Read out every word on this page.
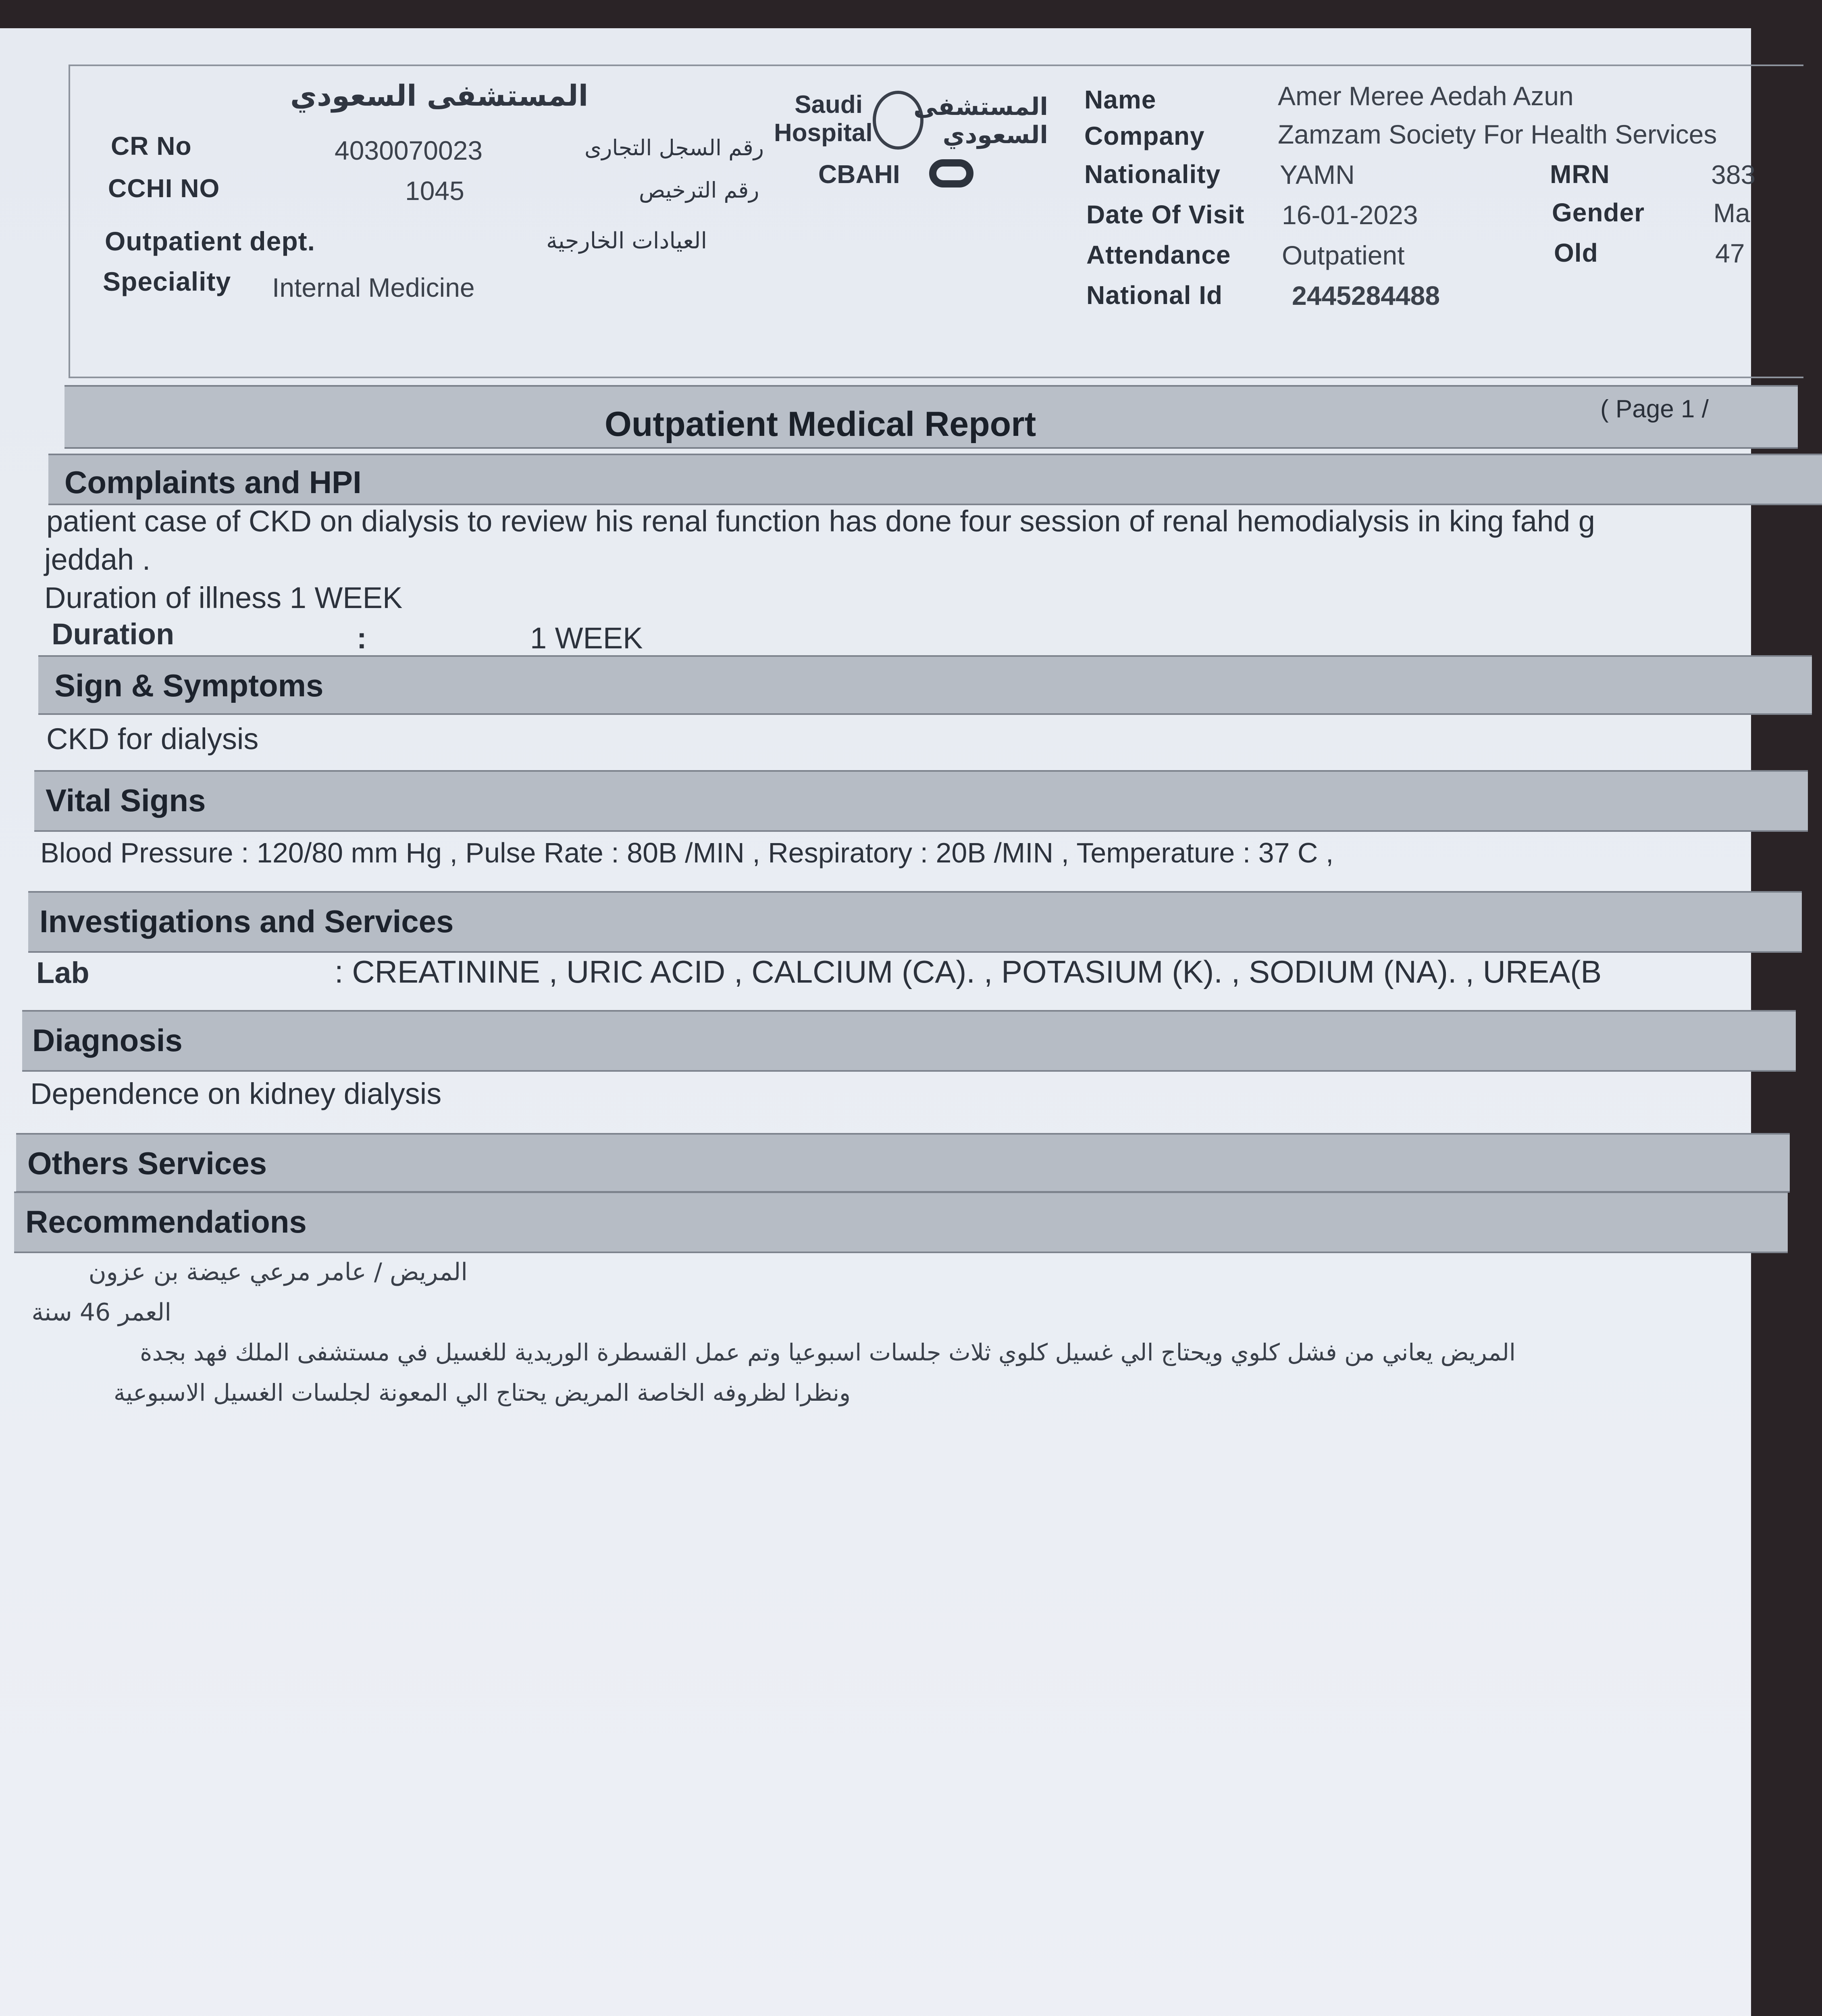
المستشفى السعودي
CR No	4030070023	رقم السجل التجارى
CCHI NO	1045	رقم الترخيص
Outpatient dept.	العيادات الخارجية
Speciality Internal Medicine
Saudi Hospital
المستشفى السعودي
CBAHI
Name	Amer Meree Aedah Azun
Company	Zamzam Society For Health Services
Nationality YAMN	MRN	383
Date Of Visit 16-01-2023	Gender	Ma
Attendance Outpatient	Old	47
National Id	2445284488
Outpatient Medical Report	( Page 1 /
Complaints and HPI
patient case of CKD on dialysis to review his renal function has done four session of renal hemodialysis in king fahd g
jeddah .
Duration of illness 1 WEEK
Duration	:	1 WEEK
Sign & Symptoms
CKD for dialysis
Vital Signs
Blood Pressure : 120/80 mm Hg , Pulse Rate : 80B /MIN , Respiratory : 20B /MIN , Temperature : 37 C ,
Investigations and Services
Lab	: CREATININE , URIC ACID , CALCIUM (CA). , POTASIUM (K). , SODIUM (NA). , UREA(B
Diagnosis
Dependence on kidney dialysis
Others Services
Recommendations
المريض / عامر مرعي عيضة بن عزون
العمر 46 سنة
المريض يعاني من فشل كلوي ويحتاج الي غسيل كلوي ثلاث جلسات اسبوعيا وتم عمل القسطرة الوريدية للغسيل في مستشفى الملك فهد بجدة
ونظرا لظروفه الخاصة المريض يحتاج الي المعونة لجلسات الغسيل الاسبوعية
